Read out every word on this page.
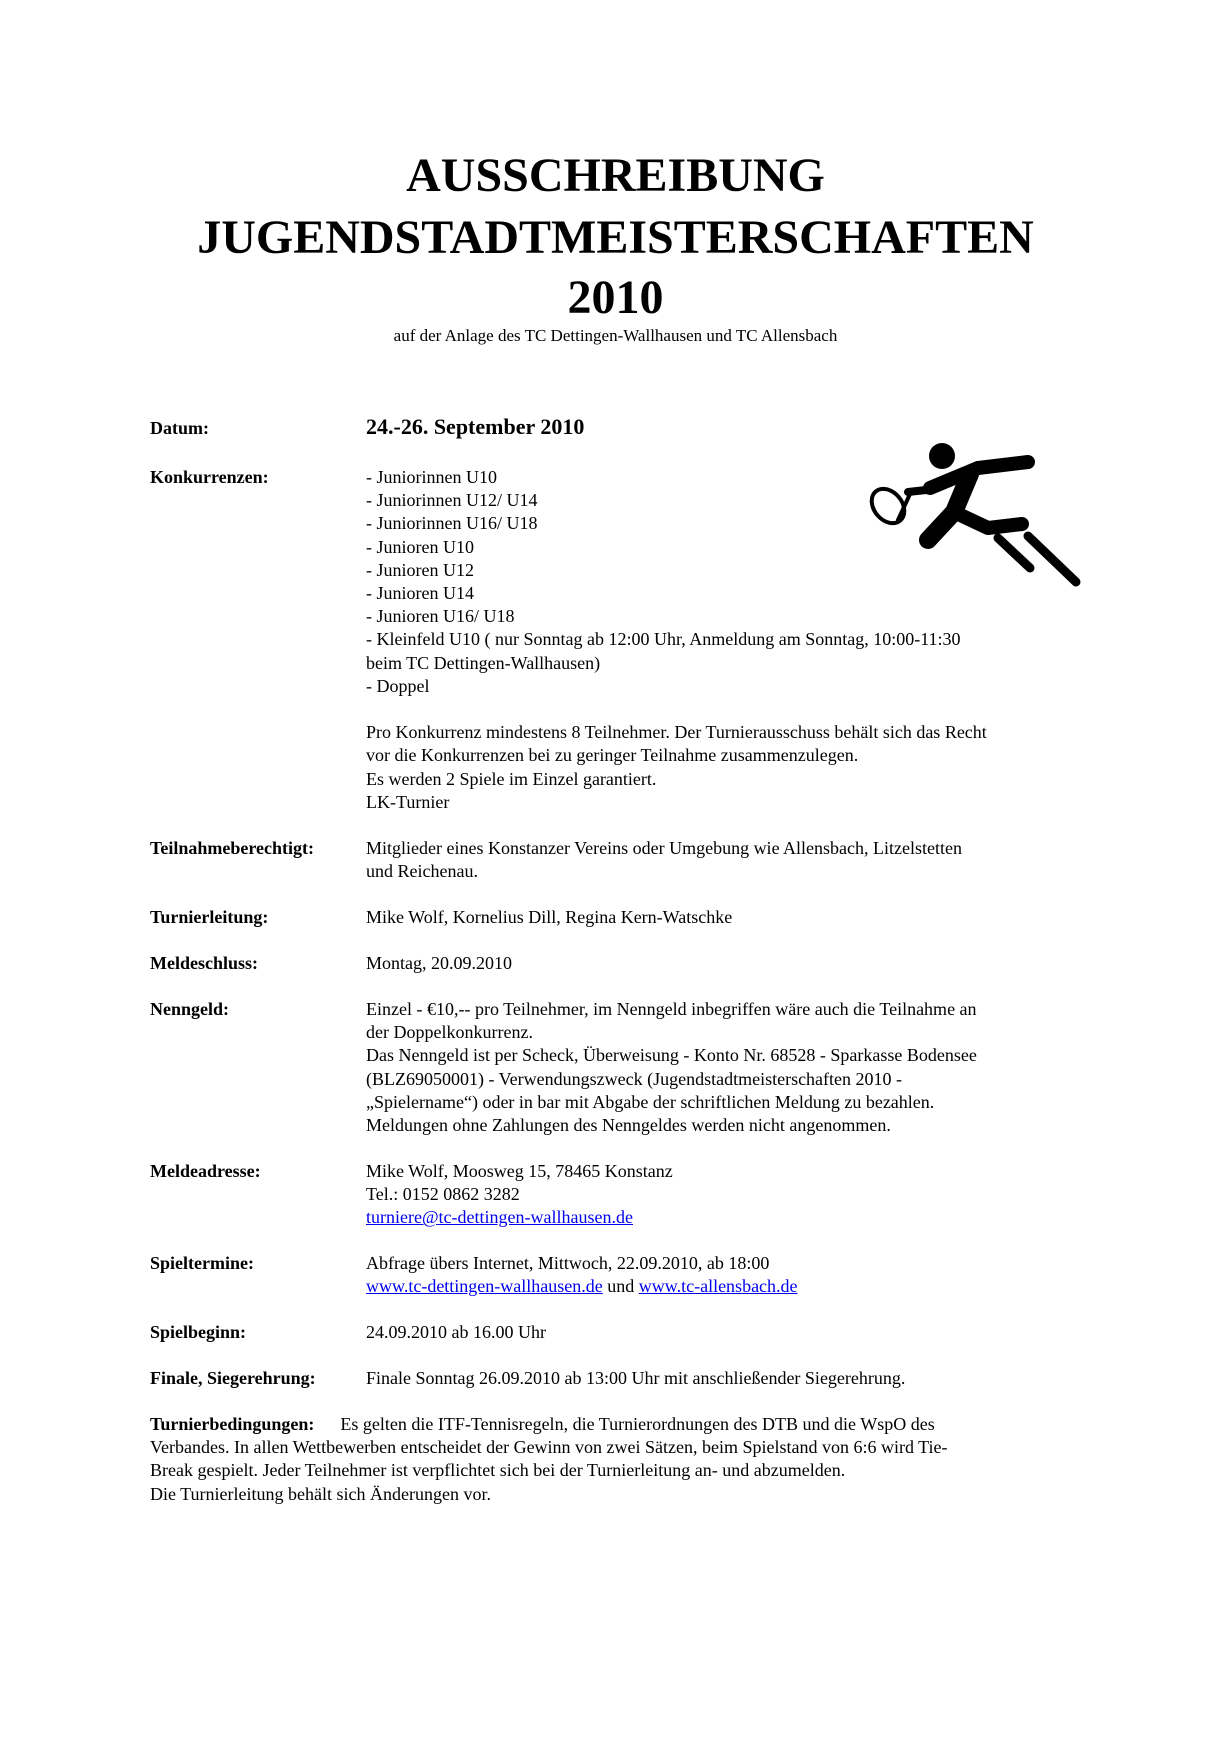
AUSSCHREIBUNG
JUGENDSTADTMEISTERSCHAFTEN
2010
auf der Anlage des TC Dettingen-Wallhausen und TC Allensbach
Datum:	24.-26. September 2010
Konkurrenzen:	- Juniorinnen U10
- Juniorinnen U12/ U14
- Juniorinnen U16/ U18
- Junioren U10
- Junioren U12
- Junioren U14
- Junioren U16/ U18
- Kleinfeld U10 ( nur Sonntag ab 12:00 Uhr, Anmeldung am Sonntag, 10:00-11:30
beim TC Dettingen-Wallhausen)
- Doppel
Pro Konkurrenz mindestens 8 Teilnehmer. Der Turnierausschuss behält sich das Recht
vor die Konkurrenzen bei zu geringer Teilnahme zusammenzulegen.
Es werden 2 Spiele im Einzel garantiert.
LK-Turnier
Teilnahmeberechtigt:	Mitglieder eines Konstanzer Vereins oder Umgebung wie Allensbach, Litzelstetten
und Reichenau.
Turnierleitung:	Mike Wolf, Kornelius Dill, Regina Kern-Watschke
Meldeschluss:	Montag, 20.09.2010
Nenngeld:	Einzel - €10,-- pro Teilnehmer, im Nenngeld inbegriffen wäre auch die Teilnahme an
der Doppelkonkurrenz.
Das Nenngeld ist per Scheck, Überweisung - Konto Nr. 68528 - Sparkasse Bodensee
(BLZ69050001) - Verwendungszweck (Jugendstadtmeisterschaften 2010 -
„Spielername“) oder in bar mit Abgabe der schriftlichen Meldung zu bezahlen.
Meldungen ohne Zahlungen des Nenngeldes werden nicht angenommen.
Meldeadresse:	Mike Wolf, Moosweg 15, 78465 Konstanz
Tel.: 0152 0862 3282
turniere@tc-dettingen-wallhausen.de
Spieltermine:	Abfrage übers Internet, Mittwoch, 22.09.2010, ab 18:00
www.tc-dettingen-wallhausen.de und www.tc-allensbach.de
Spielbeginn:	24.09.2010 ab 16.00 Uhr
Finale, Siegerehrung:	Finale Sonntag 26.09.2010 ab 13:00 Uhr mit anschließender Siegerehrung.
Turnierbedingungen: Es gelten die ITF-Tennisregeln, die Turnierordnungen des DTB und die WspO des
Verbandes. In allen Wettbewerben entscheidet der Gewinn von zwei Sätzen, beim Spielstand von 6:6 wird Tie-
Break gespielt. Jeder Teilnehmer ist verpflichtet sich bei der Turnierleitung an- und abzumelden.
Die Turnierleitung behält sich Änderungen vor.
